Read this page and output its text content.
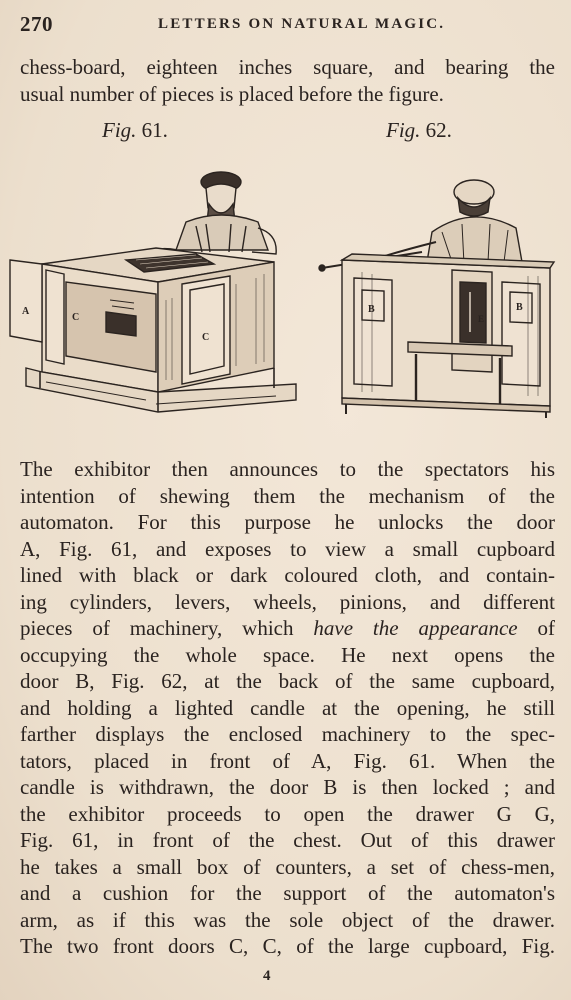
270	LETTERS ON NATURAL MAGIC.
chess-board, eighteen inches square, and bearing the
usual number of pieces is placed before the figure.
Fig. 61.	Fig. 62.
A
C
C
B
E
B
The exhibitor then announces to the spectators his
intention of shewing them the mechanism of the
automaton. For this purpose he unlocks the door
A, Fig. 61, and exposes to view a small cupboard
lined with black or dark coloured cloth, and contain-
ing cylinders, levers, wheels, pinions, and different
pieces of machinery, which have the appearance of
occupying the whole space. He next opens the
door B, Fig. 62, at the back of the same cupboard,
and holding a lighted candle at the opening, he still
farther displays the enclosed machinery to the spec-
tators, placed in front of A, Fig. 61. When the
candle is withdrawn, the door B is then locked ; and
the exhibitor proceeds to open the drawer G G,
Fig. 61, in front of the chest. Out of this drawer
he takes a small box of counters, a set of chess-men,
and a cushion for the support of the automaton's
arm, as if this was the sole object of the drawer.
The two front doors C, C, of the large cupboard, Fig.
4
